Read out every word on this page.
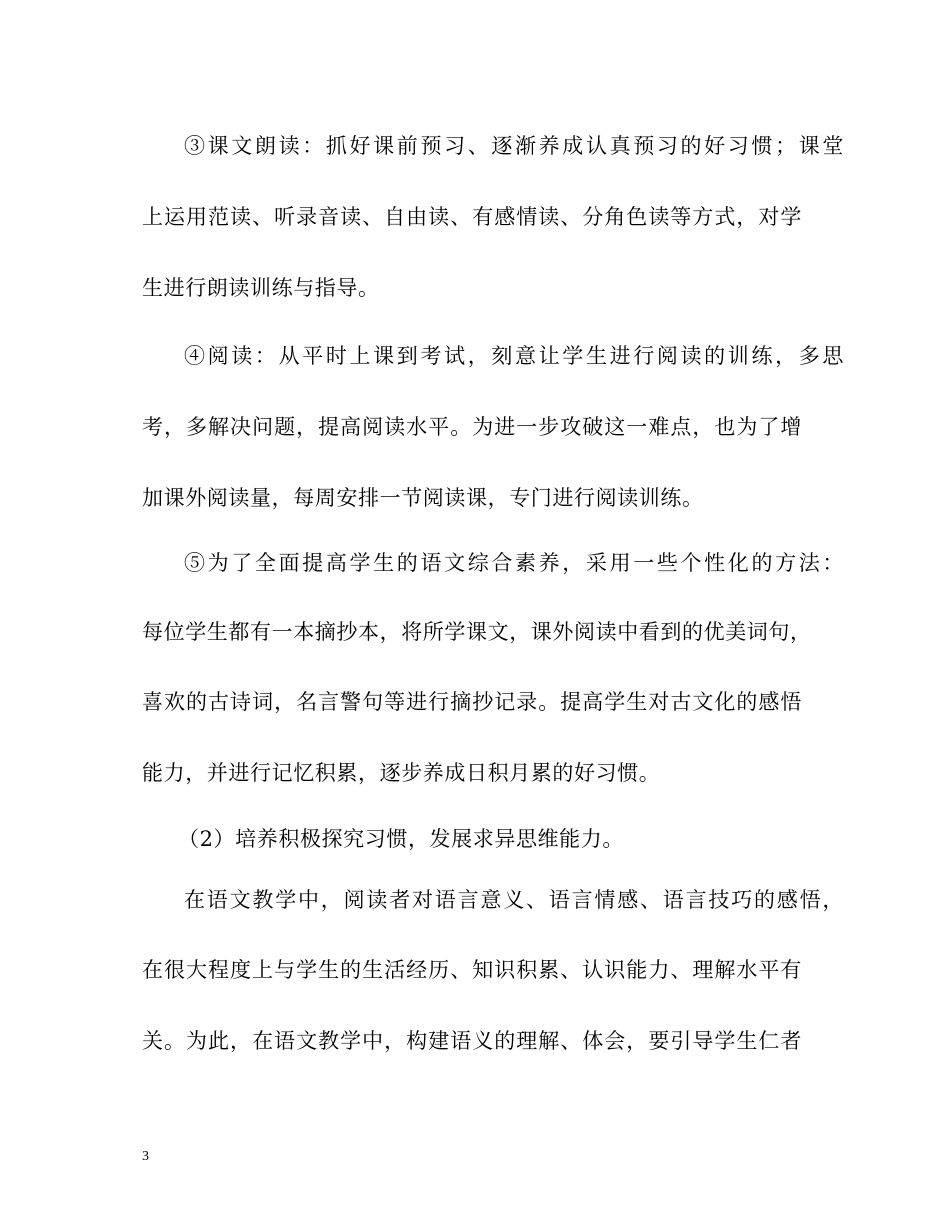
③课文朗读：抓好课前预习、逐渐养成认真预习的好习惯；课堂
上运用范读、听录音读、自由读、有感情读、分角色读等方式，对学
生进行朗读训练与指导。
④阅读：从平时上课到考试，刻意让学生进行阅读的训练，多思
考，多解决问题，提高阅读水平。为进一步攻破这一难点，也为了增
加课外阅读量，每周安排一节阅读课，专门进行阅读训练。
⑤为了全面提高学生的语文综合素养，采用一些个性化的方法：
每位学生都有一本摘抄本，将所学课文，课外阅读中看到的优美词句，
喜欢的古诗词，名言警句等进行摘抄记录。提高学生对古文化的感悟
能力，并进行记忆积累，逐步养成日积月累的好习惯。
（2）培养积极探究习惯，发展求异思维能力。
在语文教学中，阅读者对语言意义、语言情感、语言技巧的感悟，
在很大程度上与学生的生活经历、知识积累、认识能力、理解水平有
关。为此，在语文教学中，构建语义的理解、体会，要引导学生仁者
3
